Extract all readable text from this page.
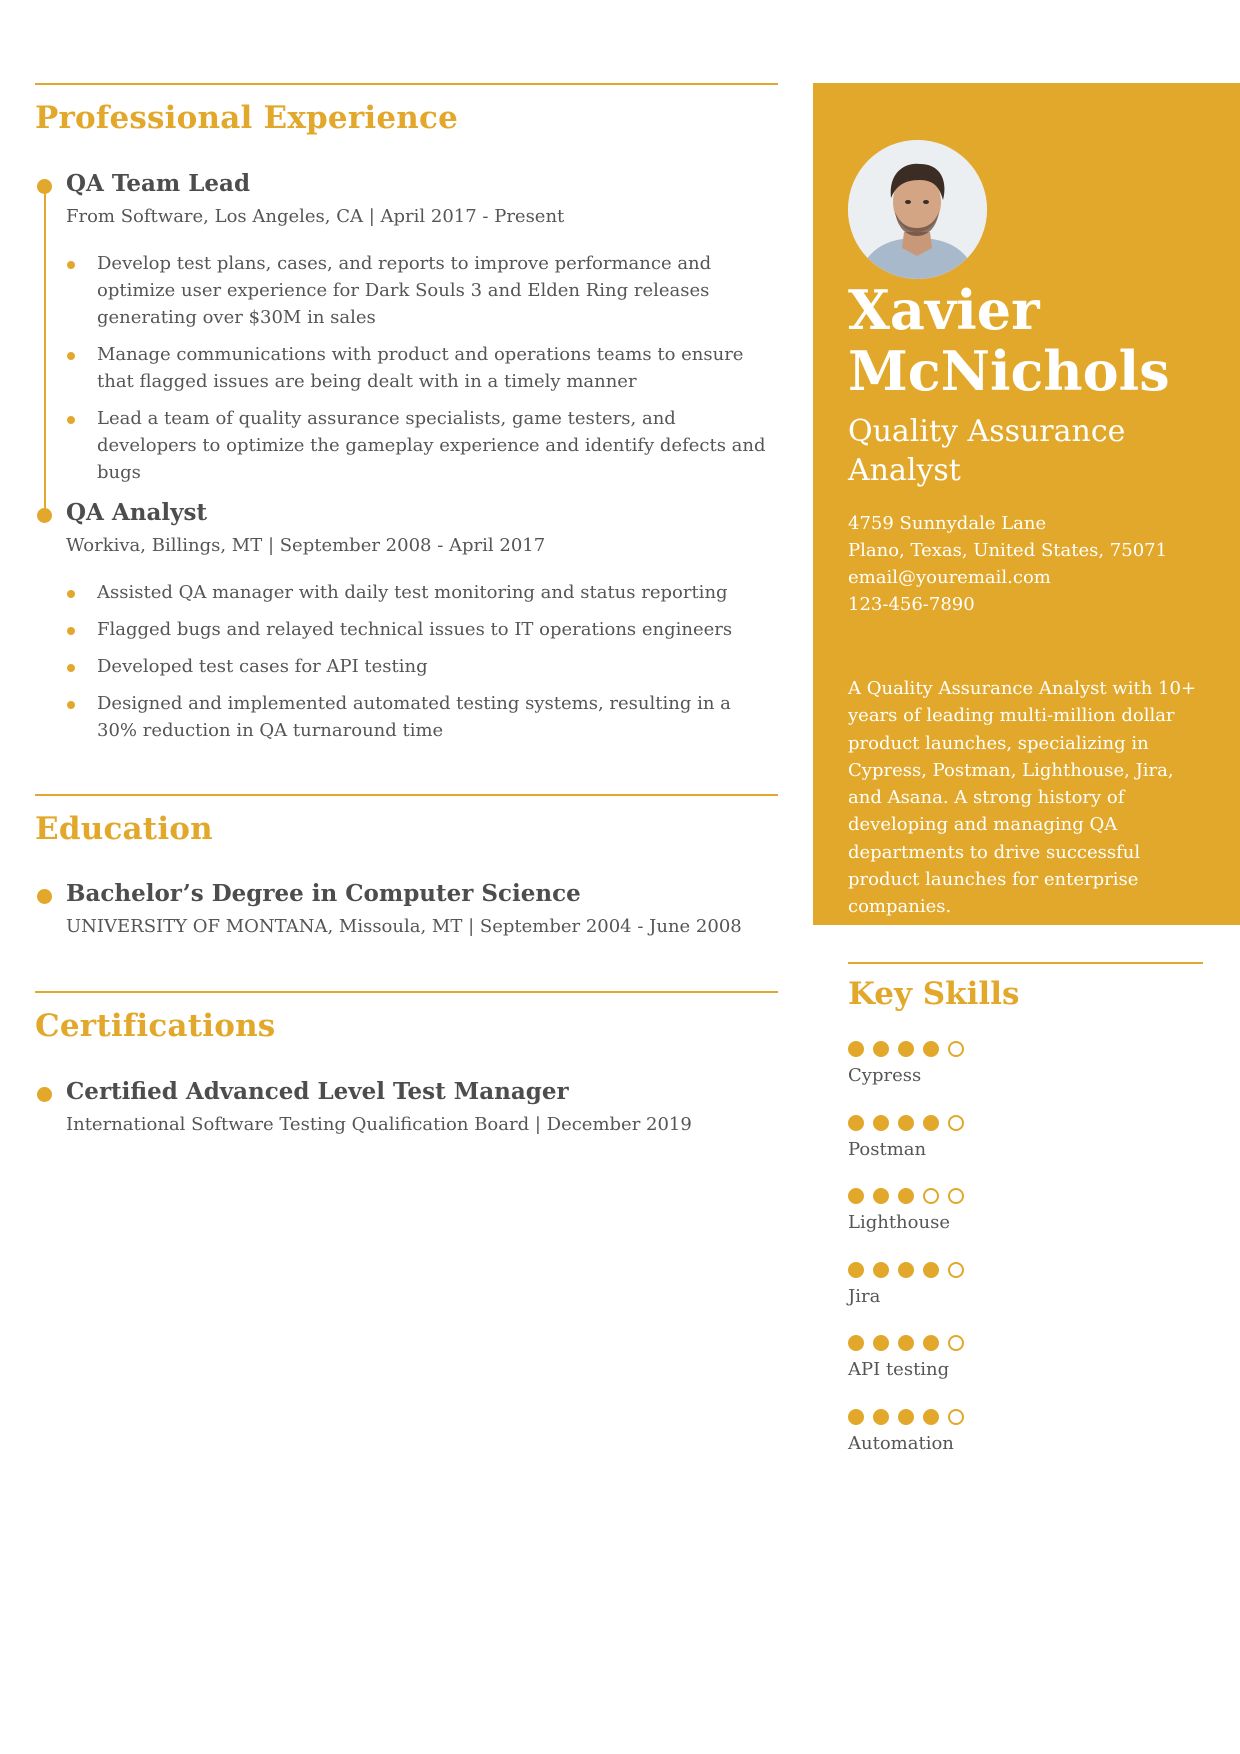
Professional Experience
QA Team Lead

From Software, Los Angeles, CA | April 2017 - Present

Develop test plans, cases, and reports to improve performance and optimize user experience for Dark Souls 3 and Elden Ring releases generating over $30M in sales
Manage communications with product and operations teams to ensure that flagged issues are being dealt with in a timely manner
Lead a team of quality assurance specialists, game testers, and developers to optimize the gameplay experience and identify defects and bugs
QA Analyst

Workiva, Billings, MT | September 2008 - April 2017

Assisted QA manager with daily test monitoring and status reporting
Flagged bugs and relayed technical issues to IT operations engineers
Developed test cases for API testing
Designed and implemented automated testing systems, resulting in a 30% reduction in QA turnaround time
Education
Bachelor’s Degree in Computer Science

UNIVERSITY OF MONTANA, Missoula, MT | September 2004 - June 2008

Certifications
Certified Advanced Level Test Manager

International Software Testing Qualification Board | December 2019

Xavier
McNichols

Quality Assurance Analyst

4759 Sunnydale Lane
Plano, Texas, United States, 75071
email@youremail.com
123-456-7890

A Quality Assurance Analyst with 10+ years of leading multi-million dollar product launches, specializing in Cypress, Postman, Lighthouse, Jira, and Asana. A strong history of developing and managing QA departments to drive successful product launches for enterprise companies.

Key Skills

Cypress

Postman

Lighthouse

Jira

API testing

Automation
